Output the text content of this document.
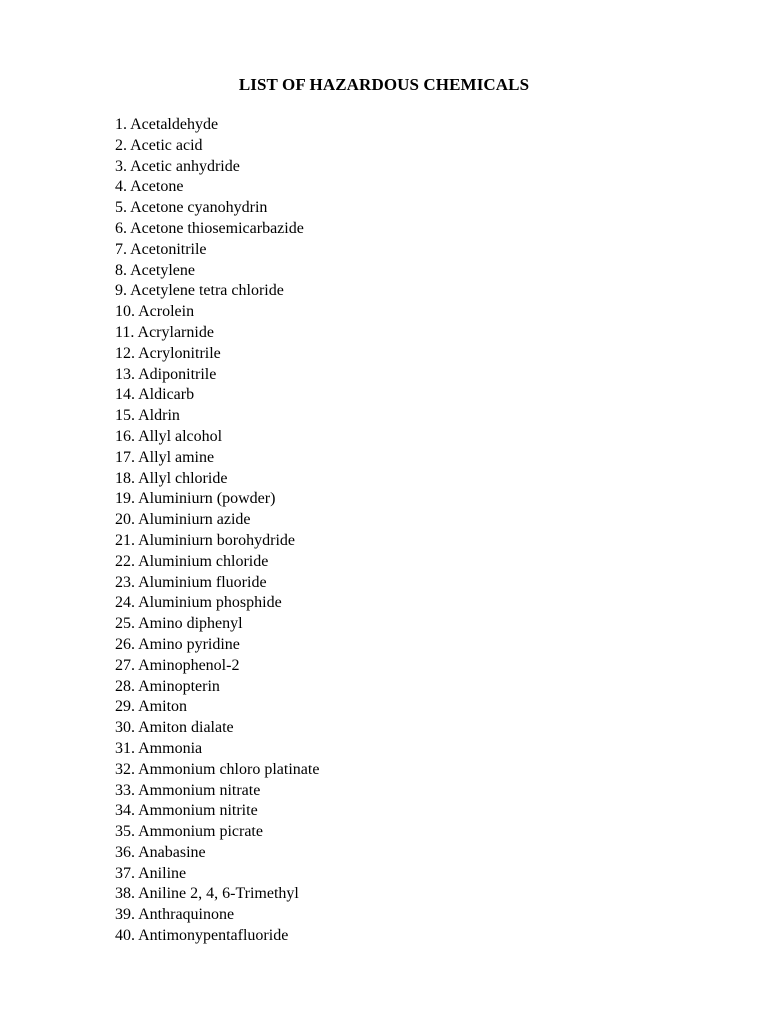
LIST OF HAZARDOUS CHEMICALS
1. Acetaldehyde
2. Acetic acid
3. Acetic anhydride
4. Acetone
5. Acetone cyanohydrin
6. Acetone thiosemicarbazide
7. Acetonitrile
8. Acetylene
9. Acetylene tetra chloride
10. Acrolein
11. Acrylarnide
12. Acrylonitrile
13. Adiponitrile
14. Aldicarb
15. Aldrin
16. Allyl alcohol
17. Allyl amine
18. Allyl chloride
19. Aluminiurn (powder)
20. Aluminiurn azide
21. Aluminiurn borohydride
22. Aluminium chloride
23. Aluminium fluoride
24. Aluminium phosphide
25. Amino diphenyl
26. Amino pyridine
27. Aminophenol-2
28. Aminopterin
29. Amiton
30. Amiton dialate
31. Ammonia
32. Ammonium chloro platinate
33. Ammonium nitrate
34. Ammonium nitrite
35. Ammonium picrate
36. Anabasine
37. Aniline
38. Aniline 2, 4, 6-Trimethyl
39. Anthraquinone
40. Antimonypentafluoride
